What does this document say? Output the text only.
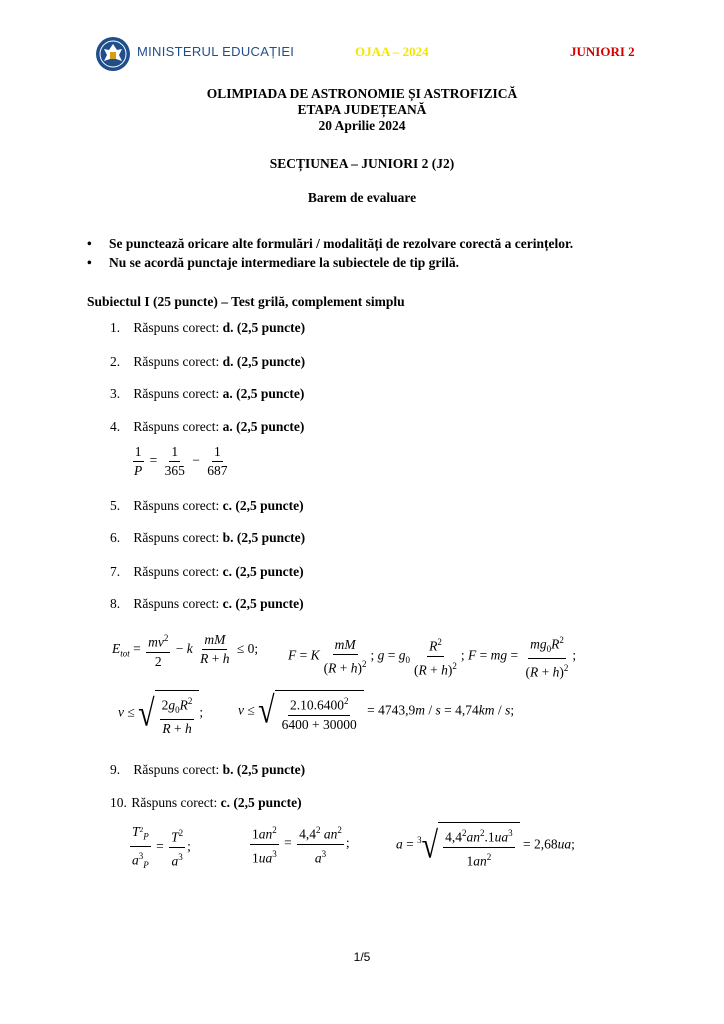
MINISTERUL EDUCAȚIEI	OJAA – 2024	JUNIORI 2
OLIMPIADA DE ASTRONOMIE ȘI ASTROFIZICĂ
ETAPA JUDEȚEANĂ
20 Aprilie 2024
SECȚIUNEA – JUNIORI 2 (J2)
Barem de evaluare
•	Se punctează oricare alte formulări / modalități de rezolvare corectă a cerințelor.
•	Nu se acordă punctaje intermediare la subiectele de tip grilă.
Subiectul I (25 puncte) – Test grilă, complement simplu
1. Răspuns corect: d. (2,5 puncte)
2. Răspuns corect: d. (2,5 puncte)
3. Răspuns corect: a. (2,5 puncte)
4. Răspuns corect: a. (2,5 puncte)
$\frac{1}{P} = \frac{1}{365} - \frac{1}{687}$
5. Răspuns corect: c. (2,5 puncte)
6. Răspuns corect: b. (2,5 puncte)
7. Răspuns corect: c. (2,5 puncte)
8. Răspuns corect: c. (2,5 puncte)
$E_{tot} = \frac{mv^2}{2} - k \frac{mM}{R + h} \le 0$; F = K $\frac{mM}{(R + h)^2}$ ; $g = g_0 \frac{R^2}{(R + h)^2}$ ; F = mg = $\frac{mg_0R^2}{(R + h)^2}$ ;
v ≤ √ $\frac{2g_0R^2}{R + h}$ ;	v ≤ √ $\frac{2.10.6400^2}{6400 + 30000} = 4743,9m / s = 4,74km / s$;
9. Răspuns corect: b. (2,5 puncte)
10. Răspuns corect: c. (2,5 puncte)
$\frac{T^2_P}{a^3_P} = \frac{T^2}{a^3}$ ;	$\frac{1an^2}{1ua^3} = \frac{4,4^2 an^2}{a^3}$ ;	a = $^3$ √ $\frac{4,4^2an^2.1ua^3}{1an^2} = 2,68ua$;
1/5
